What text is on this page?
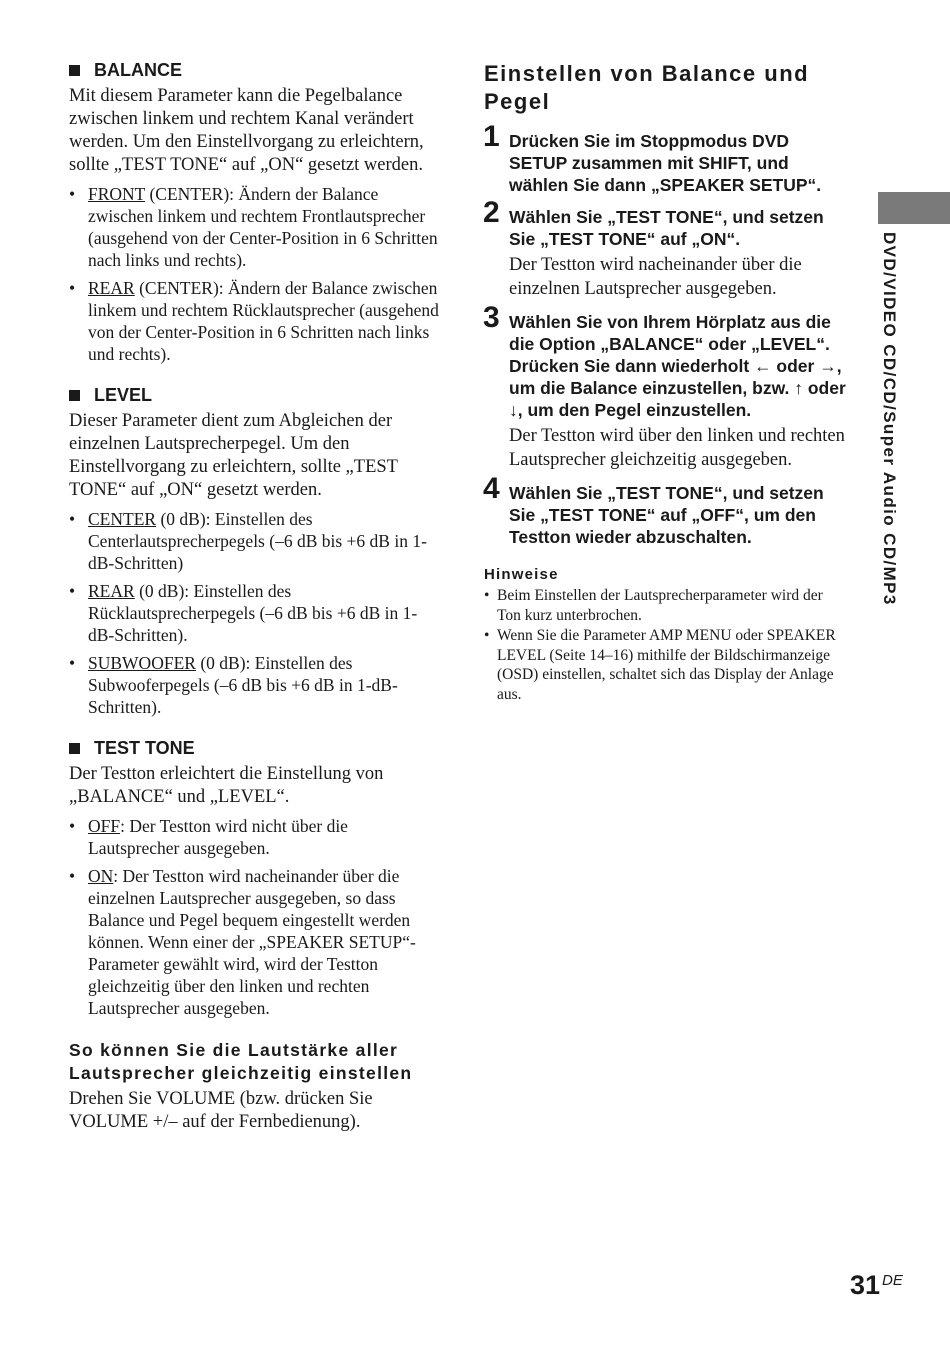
DVD/VIDEO CD/CD/Super Audio CD/MP3
BALANCE

Mit diesem Parameter kann die Pegelbalance zwischen linkem und rechtem Kanal verändert werden. Um den Einstellvorgang zu erleichtern, sollte „TEST TONE“ auf „ON“ gesetzt werden.

• FRONT (CENTER): Ändern der Balance zwischen linkem und rechtem Frontlautsprecher (ausgehend von der Center-Position in 6 Schritten nach links und rechts).
• REAR (CENTER): Ändern der Balance zwischen linkem und rechtem Rücklautsprecher (ausgehend von der Center-Position in 6 Schritten nach links und rechts).
LEVEL

Dieser Parameter dient zum Abgleichen der einzelnen Lautsprecherpegel. Um den Einstellvorgang zu erleichtern, sollte „TEST TONE“ auf „ON“ gesetzt werden.

• CENTER (0 dB): Einstellen des Centerlautsprecherpegels (–6 dB bis +6 dB in 1-dB-Schritten)
• REAR (0 dB): Einstellen des Rücklautsprecherpegels (–6 dB bis +6 dB in 1-dB-Schritten).
• SUBWOOFER (0 dB): Einstellen des Subwooferpegels (–6 dB bis +6 dB in 1-dB-Schritten).
TEST TONE

Der Testton erleichtert die Einstellung von „BALANCE“ und „LEVEL“.

• OFF: Der Testton wird nicht über die Lautsprecher ausgegeben.
• ON: Der Testton wird nacheinander über die einzelnen Lautsprecher ausgegeben, so dass Balance und Pegel bequem eingestellt werden können. Wenn einer der „SPEAKER SETUP“-Parameter gewählt wird, wird der Testton gleichzeitig über den linken und rechten Lautsprecher ausgegeben.
So können Sie die Lautstärke aller Lautsprecher gleichzeitig einstellen

Drehen Sie VOLUME (bzw. drücken Sie VOLUME +/– auf der Fernbedienung).

Einstellen von Balance und Pegel
1 Drücken Sie im Stoppmodus DVD SETUP zusammen mit SHIFT, und wählen Sie dann „SPEAKER SETUP“.

2 Wählen Sie „TEST TONE“, und setzen Sie „TEST TONE“ auf „ON“.

Der Testton wird nacheinander über die einzelnen Lautsprecher ausgegeben.

3 Wählen Sie von Ihrem Hörplatz aus die die Option „BALANCE“ oder „LEVEL“. Drücken Sie dann wiederholt ← oder →, um die Balance einzustellen, bzw. ↑ oder ↓, um den Pegel einzustellen.

Der Testton wird über den linken und rechten Lautsprecher gleichzeitig ausgegeben.

4 Wählen Sie „TEST TONE“, und setzen Sie „TEST TONE“ auf „OFF“, um den Testton wieder abzuschalten.

Hinweise
• Beim Einstellen der Lautsprecherparameter wird der Ton kurz unterbrochen.
• Wenn Sie die Parameter AMP MENU oder SPEAKER LEVEL (Seite 14–16) mithilfe der Bildschirmanzeige (OSD) einstellen, schaltet sich das Display der Anlage aus.
31 $^{DE}$
